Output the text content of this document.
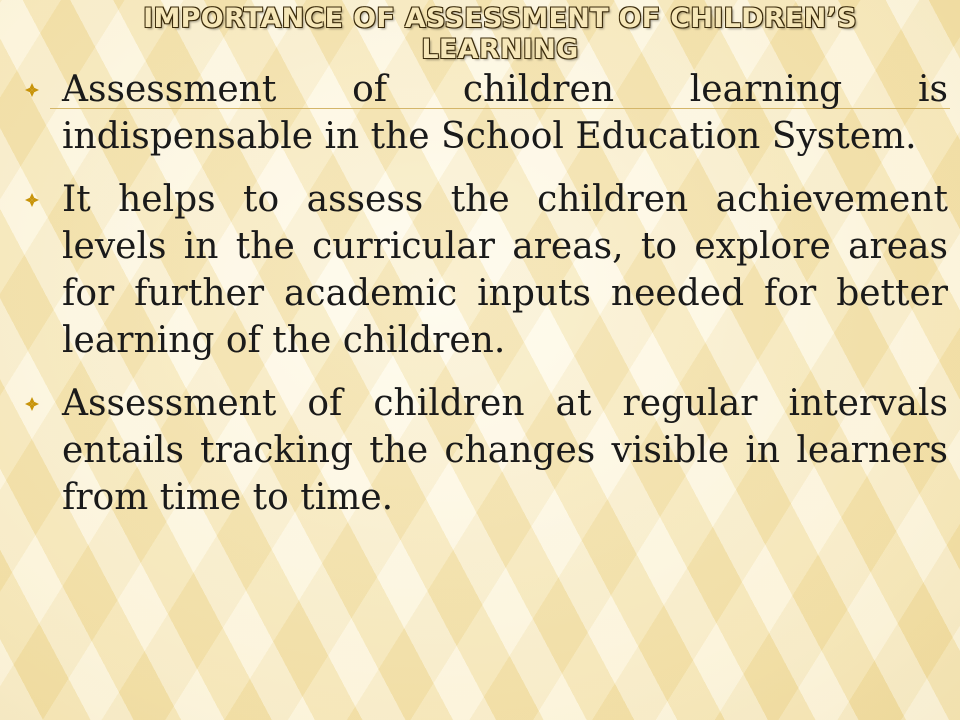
IMPORTANCE OF ASSESSMENT OF CHILDREN’S LEARNING
Assessment of children learning is indispensable in the School Education System.
It helps to assess the children achievement levels in the curricular areas, to explore areas for further academic inputs needed for better learning of the children.
Assessment of children at regular intervals entails tracking the changes visible in learners from time to time.
